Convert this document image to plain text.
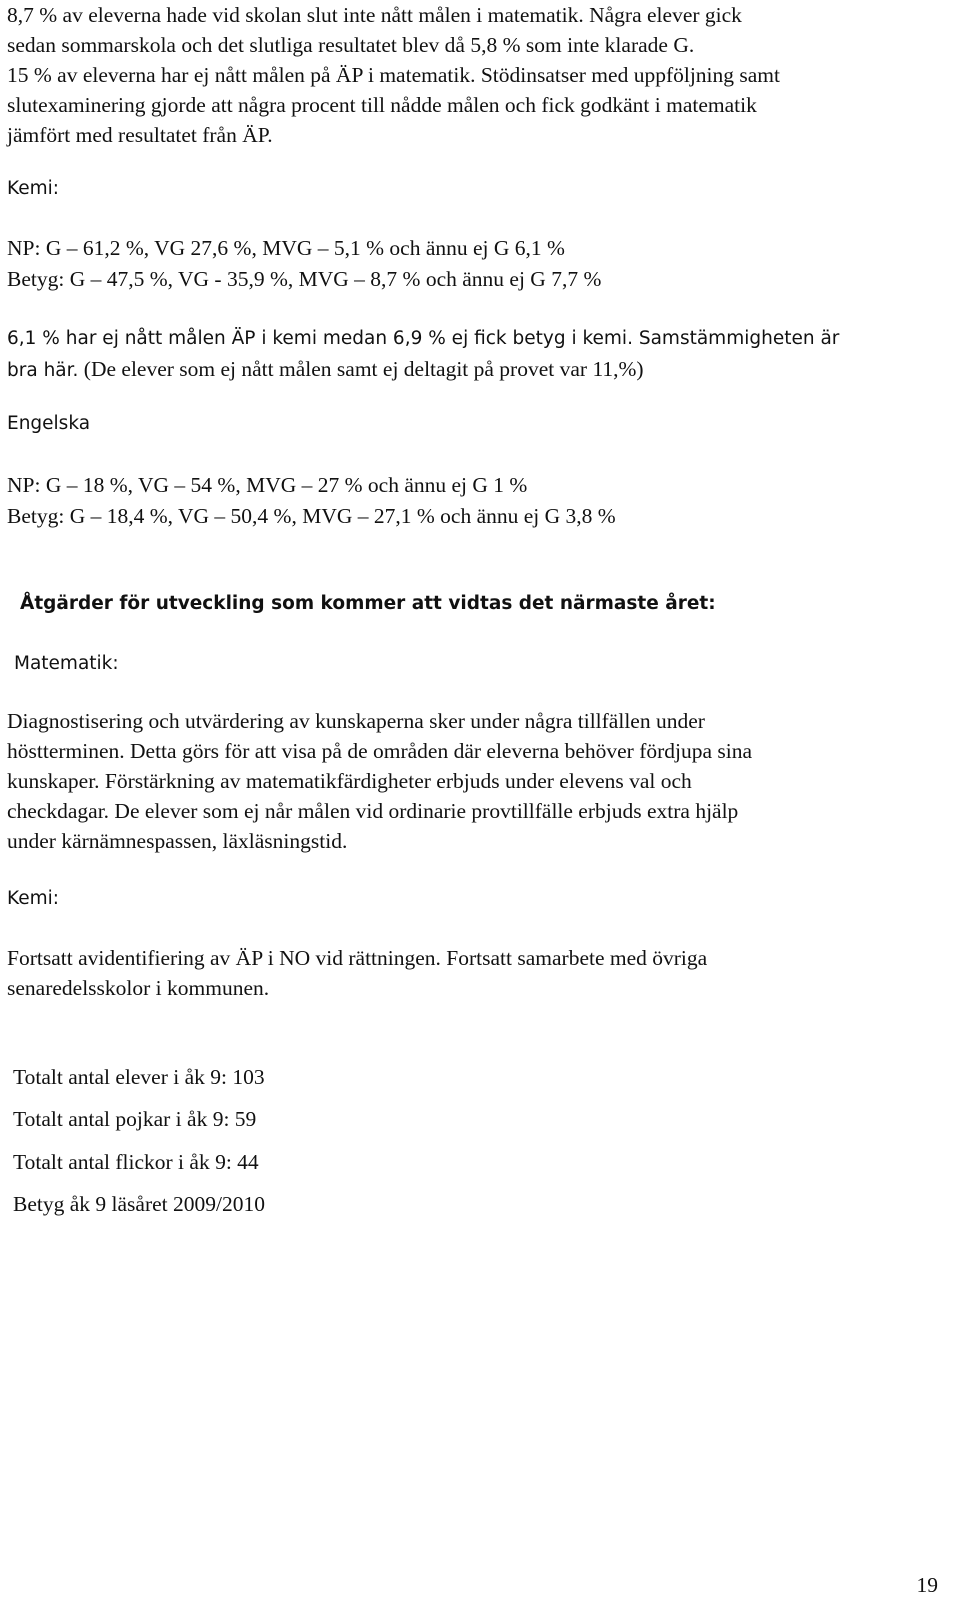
8,7 % av eleverna hade vid skolan slut inte nått målen i matematik. Några elever gick
sedan sommarskola och det slutliga resultatet blev då 5,8 % som inte klarade G.
15 % av eleverna har ej nått målen på ÄP i matematik. Stödinsatser med uppföljning samt
slutexaminering gjorde att några procent till nådde målen och fick godkänt i matematik
jämfört med resultatet från ÄP.
Kemi:
NP: G – 61,2 %, VG 27,6 %, MVG – 5,1 % och ännu ej G 6,1 %
Betyg: G – 47,5 %, VG - 35,9 %, MVG – 8,7 % och ännu ej G 7,7 %
6,1 % har ej nått målen ÄP i kemi medan 6,9 % ej fick betyg i kemi. Samstämmigheten är
bra här. (De elever som ej nått målen samt ej deltagit på provet var 11,%)
Engelska
NP: G – 18 %, VG – 54 %, MVG – 27 % och ännu ej G 1 %
Betyg: G – 18,4 %, VG – 50,4 %, MVG – 27,1 % och ännu ej G 3,8 %
Åtgärder för utveckling som kommer att vidtas det närmaste året:
Matematik:
Diagnostisering och utvärdering av kunskaperna sker under några tillfällen under
höstterminen. Detta görs för att visa på de områden där eleverna behöver fördjupa sina
kunskaper. Förstärkning av matematikfärdigheter erbjuds under elevens val och
checkdagar. De elever som ej når målen vid ordinarie provtillfälle erbjuds extra hjälp
under kärnämnespassen, läxläsningstid.
Kemi:
Fortsatt avidentifiering av ÄP i NO vid rättningen. Fortsatt samarbete med övriga
senaredelsskolor i kommunen.
Totalt antal elever i åk 9: 103
Totalt antal pojkar i åk 9: 59
Totalt antal flickor i åk 9: 44
Betyg åk 9 läsåret 2009/2010
19
